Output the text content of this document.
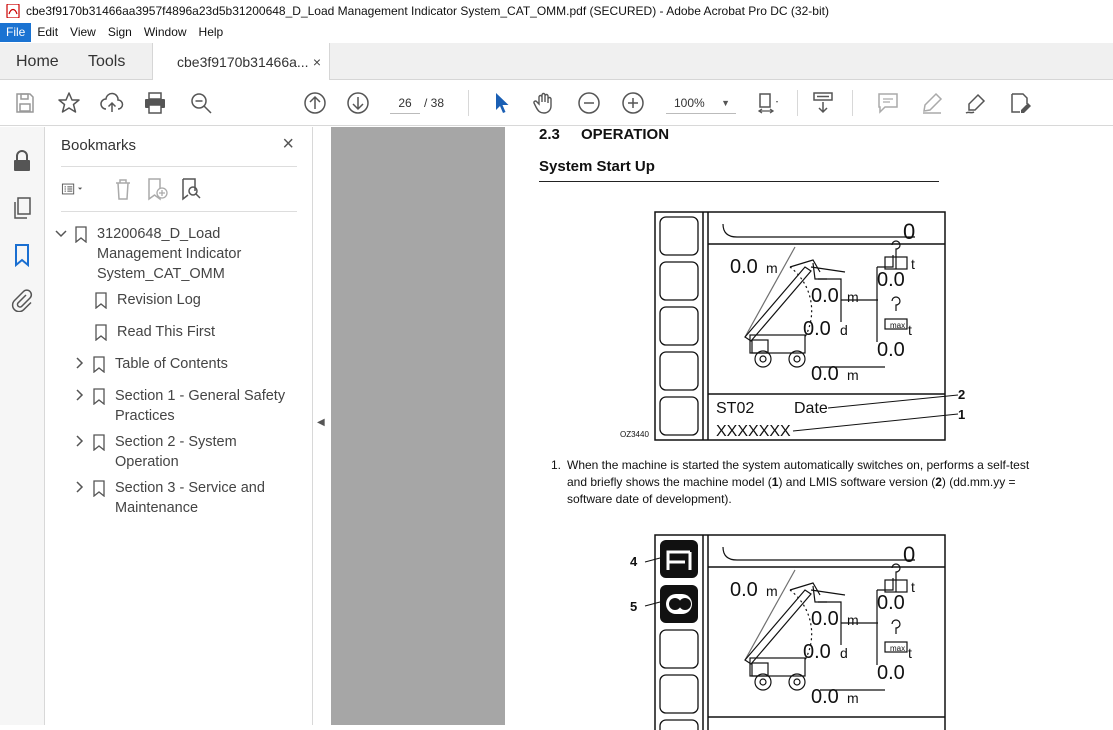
cbe3f9170b31466aa3957f4896a23d5b31200648_D_Load Management Indicator System_CAT_OMM.pdf (SECURED) - Adobe Acrobat Pro DC (32-bit)
File	Edit	View	Sign	Window	Help
Home Tools	cbe3f9170b31466a... ×
26	/ 38	100% ▼
Bookmarks	×
31200648_D_Load Management Indicator System_CAT_OMM
Revision Log
Read This First
Table of Contents
Section 1 - General Safety Practices
Section 2 - System Operation
Section 3 - Service and Maintenance
◀
2.3 OPERATION
System Start Up
0
max
0.0 m
0.0 m
0.0 d
0.0 m
0.0
t
0.0
t
ST02 Date
XXXXXXX
2
1
OZ3440
1. When the machine is started the system automatically switches on, performs a self-test and briefly shows the machine model (1) and LMIS software version (2) (dd.mm.yy = software date of development).
0
max
0.0 m
0.0 m
0.0 d
0.0 m
0.0
t
0.0
t
4
5
